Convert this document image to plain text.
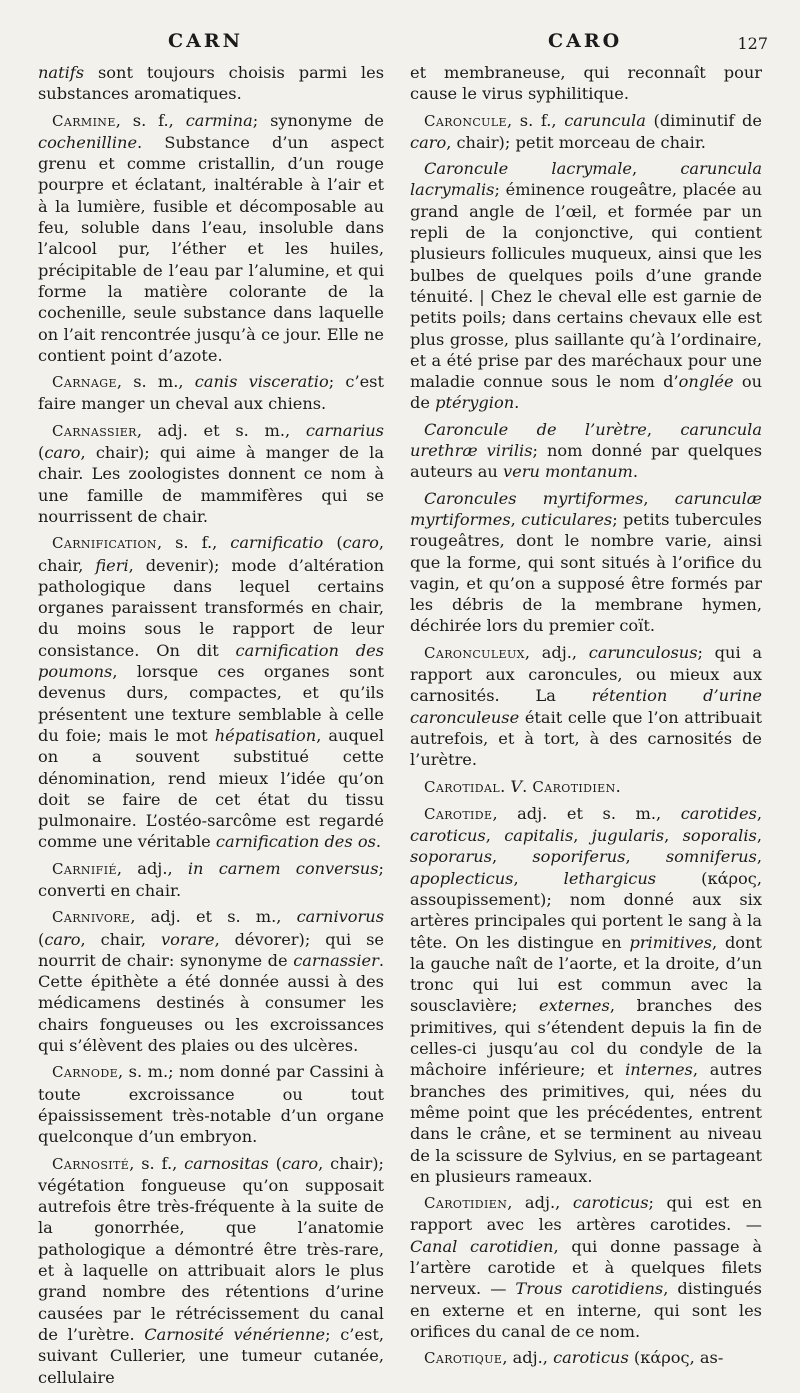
CARN	CARO	127

natifs sont toujours choisis parmi les substances aromatiques.

Carmine, s. f., carmina; synonyme de cochenilline. Substance d’un aspect grenu et comme cristallin, d’un rouge pourpre et éclatant, inaltérable à l’air et à la lumière, fusible et décomposable au feu, soluble dans l’eau, insoluble dans l’alcool pur, l’éther et les huiles, précipitable de l’eau par l’alumine, et qui forme la matière colorante de la cochenille, seule substance dans laquelle on l’ait rencontrée jusqu’à ce jour. Elle ne contient point d’azote.

Carnage, s. m., canis visceratio; c’est faire manger un cheval aux chiens.

Carnassier, adj. et s. m., carnarius (caro, chair); qui aime à manger de la chair. Les zoologistes donnent ce nom à une famille de mammifères qui se nourrissent de chair.

Carnification, s. f., carnificatio (caro, chair, fieri, devenir); mode d’altération pathologique dans lequel certains organes paraissent transformés en chair, du moins sous le rapport de leur consistance. On dit carnification des poumons, lorsque ces organes sont devenus durs, compactes, et qu’ils présentent une texture semblable à celle du foie; mais le mot hépatisation, auquel on a souvent substitué cette dénomination, rend mieux l’idée qu’on doit se faire de cet état du tissu pulmonaire. L’ostéo-sarcôme est regardé comme une véritable carnification des os.

Carnifié, adj., in carnem conversus; converti en chair.

Carnivore, adj. et s. m., carnivorus (caro, chair, vorare, dévorer); qui se nourrit de chair: synonyme de carnassier. Cette épithète a été donnée aussi à des médicamens destinés à consumer les chairs fongueuses ou les excroissances qui s’élèvent des plaies ou des ulcères.

Carnode, s. m.; nom donné par Cassini à toute excroissance ou tout épaississement très-notable d’un organe quelconque d’un embryon.

Carnosité, s. f., carnositas (caro, chair); végétation fongueuse qu’on supposait autrefois être très-fréquente à la suite de la gonorrhée, que l’anatomie pathologique a démontré être très-rare, et à laquelle on attribuait alors le plus grand nombre des rétentions d’urine causées par le rétrécissement du canal de l’urètre. Carnosité vénérienne; c’est, suivant Cullerier, une tumeur cutanée, cellulaire

et membraneuse, qui reconnaît pour cause le virus syphilitique.

Caroncule, s. f., caruncula (diminutif de caro, chair); petit morceau de chair.

Caroncule lacrymale, caruncula lacrymalis; éminence rougeâtre, placée au grand angle de l’œil, et formée par un repli de la conjonctive, qui contient plusieurs follicules muqueux, ainsi que les bulbes de quelques poils d’une grande ténuité. | Chez le cheval elle est garnie de petits poils; dans certains chevaux elle est plus grosse, plus saillante qu’à l’ordinaire, et a été prise par des maréchaux pour une maladie connue sous le nom d’onglée ou de ptérygion.

Caroncule de l’urètre, caruncula urethræ virilis; nom donné par quelques auteurs au veru montanum.

Caroncules myrtiformes, carunculæ myrtiformes, cuticulares; petits tubercules rougeâtres, dont le nombre varie, ainsi que la forme, qui sont situés à l’orifice du vagin, et qu’on a supposé être formés par les débris de la membrane hymen, déchirée lors du premier coït.

Caronculeux, adj., carunculosus; qui a rapport aux caroncules, ou mieux aux carnosités. La rétention d’urine caronculeuse était celle que l’on attribuait autrefois, et à tort, à des carnosités de l’urètre.

Carotidal. V. Carotidien.

Carotide, adj. et s. m., carotides, caroticus, capitalis, jugularis, soporalis, soporarus, soporiferus, somniferus, apoplecticus, lethargicus (κάρος, assoupissement); nom donné aux six artères principales qui portent le sang à la tête. On les distingue en primitives, dont la gauche naît de l’aorte, et la droite, d’un tronc qui lui est commun avec la sousclavière; externes, branches des primitives, qui s’étendent depuis la fin de celles-ci jusqu’au col du condyle de la mâchoire inférieure; et internes, autres branches des primitives, qui, nées du même point que les précédentes, entrent dans le crâne, et se terminent au niveau de la scissure de Sylvius, en se partageant en plusieurs rameaux.

Carotidien, adj., caroticus; qui est en rapport avec les artères carotides. — Canal carotidien, qui donne passage à l’artère carotide et à quelques filets nerveux. — Trous carotidiens, distingués en externe et en interne, qui sont les orifices du canal de ce nom.

Carotique, adj., caroticus (κάρος, as-
